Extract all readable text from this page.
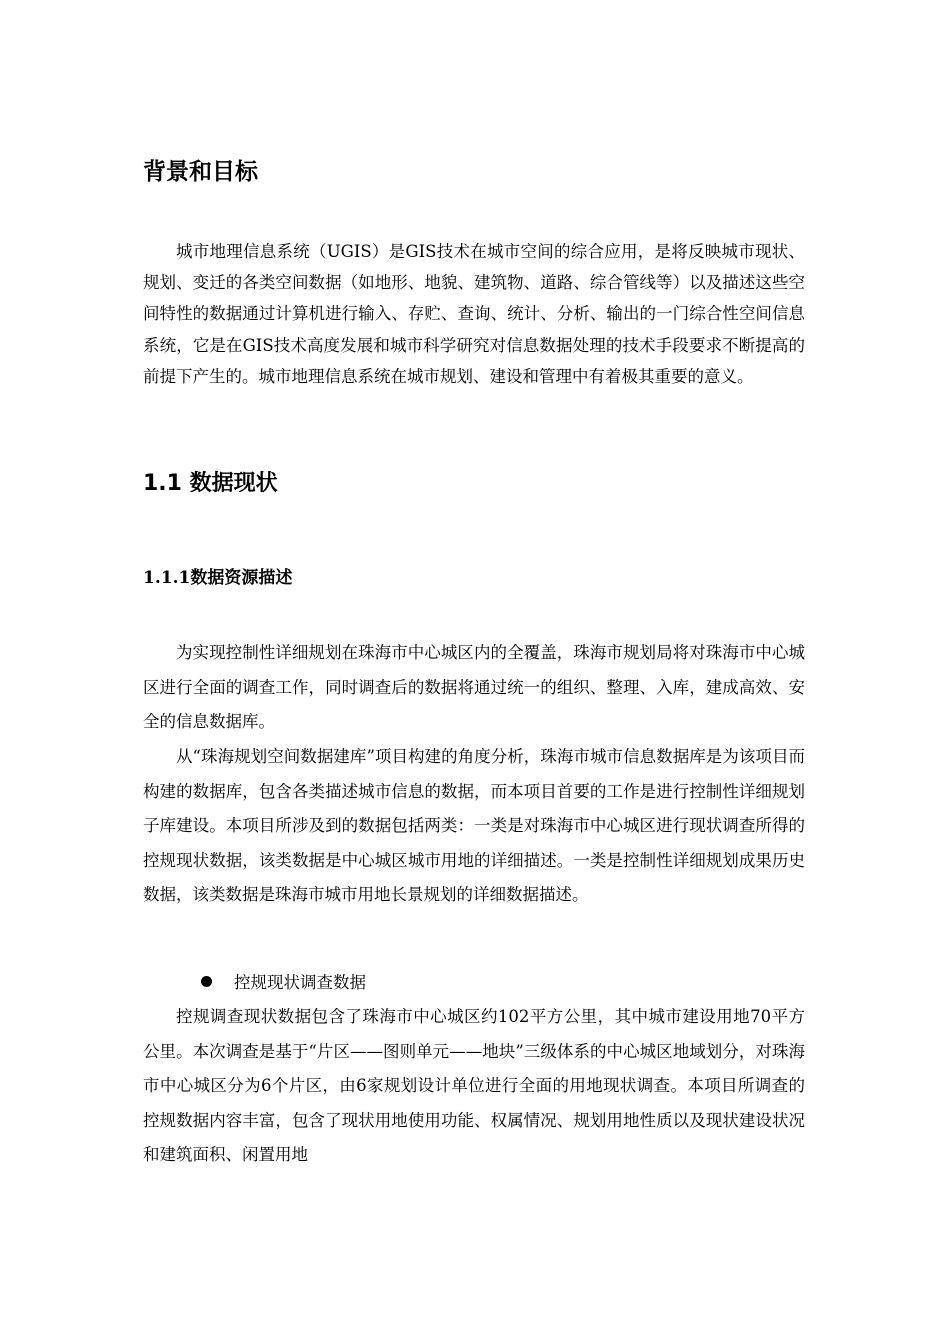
背景和目标

城市地理信息系统（UGIS）是GIS技术在城市空间的综合应用，是将反映城市现状、规划、变迁的各类空间数据（如地形、地貌、建筑物、道路、综合管线等）以及描述这些空间特性的数据通过计算机进行输入、存贮、查询、统计、分析、输出的一门综合性空间信息系统，它是在GIS技术高度发展和城市科学研究对信息数据处理的技术手段要求不断提高的前提下产生的。城市地理信息系统在城市规划、建设和管理中有着极其重要的意义。

1.1 数据现状
1.1.1数据资源描述

为实现控制性详细规划在珠海市中心城区内的全覆盖，珠海市规划局将对珠海市中心城区进行全面的调查工作，同时调查后的数据将通过统一的组织、整理、入库，建成高效、安全的信息数据库。

从“珠海规划空间数据建库”项目构建的角度分析，珠海市城市信息数据库是为该项目而构建的数据库，包含各类描述城市信息的数据，而本项目首要的工作是进行控制性详细规划子库建设。本项目所涉及到的数据包括两类：一类是对珠海市中心城区进行现状调查所得的控规现状数据，该类数据是中心城区城市用地的详细描述。一类是控制性详细规划成果历史数据，该类数据是珠海市城市用地长景规划的详细数据描述。

控规现状调查数据

控规调查现状数据包含了珠海市中心城区约102平方公里，其中城市建设用地70平方公里。本次调查是基于“片区——图则单元——地块”三级体系的中心城区地域划分，对珠海市中心城区分为6个片区，由6家规划设计单位进行全面的用地现状调查。本项目所调查的控规数据内容丰富，包含了现状用地使用功能、权属情况、规划用地性质以及现状建设状况和建筑面积、闲置用地
